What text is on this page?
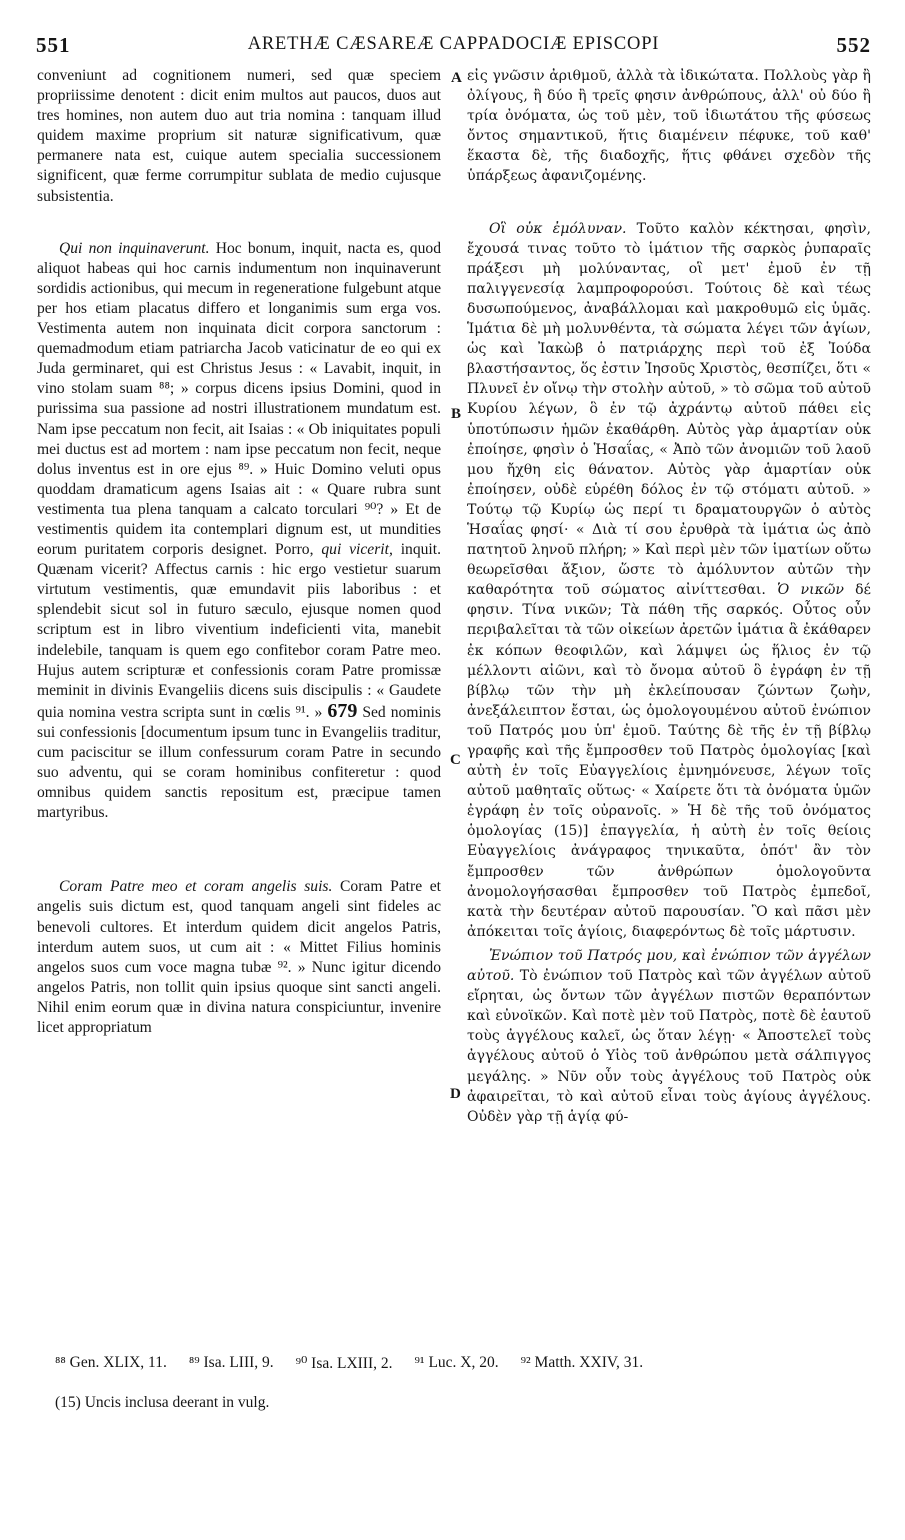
551	ARETHÆ CÆSAREÆ CAPPADOCIÆ EPISCOPI	552
A
B
C
D

conveniunt ad cognitionem numeri, sed quæ speciem propriissime denotent : dicit enim multos aut paucos, duos aut tres homines, non autem duo aut tria nomina : tanquam illud quidem maxime proprium sit naturæ significativum, quæ permanere nata est, cuique autem specialia successionem significent, quæ ferme corrumpitur sublata de medio cujusque subsistentia.

Qui non inquinaverunt. Hoc bonum, inquit, nacta es, quod aliquot habeas qui hoc carnis indumentum non inquinaverunt sordidis actionibus, qui mecum in regeneratione fulgebunt atque per hos etiam placatus differo et longanimis sum erga vos. Vestimenta autem non inquinata dicit corpora sanctorum : quemadmodum etiam patriarcha Jacob vaticinatur de eo qui ex Juda germinaret, qui est Christus Jesus : « Lavabit, inquit, in vino stolam suam ⁸⁸; » corpus dicens ipsius Domini, quod in purissima sua passione ad nostri illustrationem mundatum est. Nam ipse peccatum non fecit, ait Isaias : « Ob iniquitates populi mei ductus est ad mortem : nam ipse peccatum non fecit, neque dolus inventus est in ore ejus ⁸⁹. » Huic Domino veluti opus quoddam dramaticum agens Isaias ait : « Quare rubra sunt vestimenta tua plena tanquam a calcato torculari ⁹⁰? » Et de vestimentis quidem ita contemplari dignum est, ut mundities eorum puritatem corporis designet. Porro, qui vicerit, inquit. Quænam vicerit? Affectus carnis : hic ergo vestietur suarum virtutum vestimentis, quæ emundavit piis laboribus : et splendebit sicut sol in futuro sæculo, ejusque nomen quod scriptum est in libro viventium indeficienti vita, manebit indelebile, tanquam is quem ego confitebor coram Patre meo. Hujus autem scripturæ et confessionis coram Patre promissæ meminit in divinis Evangeliis dicens suis discipulis : « Gaudete quia nomina vestra scripta sunt in cœlis ⁹¹. » 679 Sed nominis sui confessionis [documentum ipsum tunc in Evangeliis traditur, cum paciscitur se illum confessurum coram Patre in secundo suo adventu, qui se coram hominibus confiteretur : quod omnibus quidem sanctis repositum est, præcipue tamen martyribus.

Coram Patre meo et coram angelis suis. Coram Patre et angelis suis dictum est, quod tanquam angeli sint fideles ac benevoli cultores. Et interdum quidem dicit angelos Patris, interdum autem suos, ut cum ait : « Mittet Filius hominis angelos suos cum voce magna tubæ ⁹². » Nunc igitur dicendo angelos Patris, non tollit quin ipsius quoque sint sancti angeli. Nihil enim eorum quæ in divina natura conspiciuntur, invenire licet appropriatum

εἰς γνῶσιν ἀριθμοῦ, ἀλλὰ τὰ ἰδικώτατα. Πολλοὺς γὰρ ἢ ὀλίγους, ἢ δύο ἢ τρεῖς φησιν ἀνθρώπους, ἀλλ' οὐ δύο ἢ τρία ὀνόματα, ὡς τοῦ μὲν, τοῦ ἰδιωτάτου τῆς φύσεως ὄντος σημαντικοῦ, ἥτις διαμένειν πέφυκε, τοῦ καθ' ἕκαστα δὲ, τῆς διαδοχῆς, ἥτις φθάνει σχεδὸν τῆς ὑπάρξεως ἀφανιζομένης.

Οἳ οὐκ ἐμόλυναν. Τοῦτο καλὸν κέκτησαι, φησὶν, ἔχουσά τινας τοῦτο τὸ ἱμάτιον τῆς σαρκὸς ῥυπαραῖς πράξεσι μὴ μολύναντας, οἳ μετ' ἐμοῦ ἐν τῇ παλιγγενεσίᾳ λαμπροφορούσι. Τούτοις δὲ καὶ τέως δυσωπούμενος, ἀναβάλλομαι καὶ μακροθυμῶ εἰς ὑμᾶς. Ἱμάτια δὲ μὴ μολυνθέντα, τὰ σώματα λέγει τῶν ἁγίων, ὡς καὶ Ἰακὼβ ὁ πατριάρχης περὶ τοῦ ἐξ Ἰούδα βλαστήσαντος, ὅς ἐστιν Ἰησοῦς Χριστὸς, θεσπίζει, ὅτι « Πλυνεῖ ἐν οἴνῳ τὴν στολὴν αὐτοῦ, » τὸ σῶμα τοῦ αὐτοῦ Κυρίου λέγων, ὃ ἐν τῷ ἀχράντῳ αὐτοῦ πάθει εἰς ὑποτύπωσιν ἡμῶν ἐκαθάρθη. Αὐτὸς γὰρ ἁμαρτίαν οὐκ ἐποίησε, φησὶν ὁ Ἡσαΐας, « Ἀπὸ τῶν ἀνομιῶν τοῦ λαοῦ μου ἤχθη εἰς θάνατον. Αὐτὸς γὰρ ἁμαρτίαν οὐκ ἐποίησεν, οὐδὲ εὑρέθη δόλος ἐν τῷ στόματι αὐτοῦ. » Τούτῳ τῷ Κυρίῳ ὡς περί τι δραματουργῶν ὁ αὐτὸς Ἡσαΐας φησί· « Διὰ τί σου ἐρυθρὰ τὰ ἱμάτια ὡς ἀπὸ πατητοῦ ληνοῦ πλήρη; » Καὶ περὶ μὲν τῶν ἱματίων οὕτω θεωρεῖσθαι ἄξιον, ὥστε τὸ ἀμόλυντον αὐτῶν τὴν καθαρότητα τοῦ σώματος αἰνίττεσθαι. Ὁ νικῶν δέ φησιν. Τίνα νικῶν; Τὰ πάθη τῆς σαρκός. Οὗτος οὖν περιβαλεῖται τὰ τῶν οἰκείων ἀρετῶν ἱμάτια ἃ ἐκάθαρεν ἐκ κόπων θεοφιλῶν, καὶ λάμψει ὡς ἥλιος ἐν τῷ μέλλοντι αἰῶνι, καὶ τὸ ὄνομα αὐτοῦ ὃ ἐγράφη ἐν τῇ βίβλῳ τῶν τὴν μὴ ἐκλείπουσαν ζώντων ζωὴν, ἀνεξάλειπτον ἔσται, ὡς ὁμολογουμένου αὐτοῦ ἐνώπιον τοῦ Πατρός μου ὑπ' ἐμοῦ. Ταύτης δὲ τῆς ἐν τῇ βίβλῳ γραφῆς καὶ τῆς ἔμπροσθεν τοῦ Πατρὸς ὁμολογίας [καὶ αὐτὴ ἐν τοῖς Εὐαγγελίοις ἐμνημόνευσε, λέγων τοῖς αὐτοῦ μαθηταῖς οὕτως· « Χαίρετε ὅτι τὰ ὀνόματα ὑμῶν ἐγράφη ἐν τοῖς οὐρανοῖς. » Ἡ δὲ τῆς τοῦ ὀνόματος ὁμολογίας (15)] ἐπαγγελία, ἡ αὐτὴ ἐν τοῖς θείοις Εὐαγγελίοις ἀνάγραφος τηνικαῦτα, ὁπότ' ἂν τὸν ἔμπροσθεν τῶν ἀνθρώπων ὁμολογοῦντα ἀνομολογήσασθαι ἔμπροσθεν τοῦ Πατρὸς ἐμπεδοῖ, κατὰ τὴν δευτέραν αὐτοῦ παρουσίαν. Ὃ καὶ πᾶσι μὲν ἀπόκειται τοῖς ἁγίοις, διαφερόντως δὲ τοῖς μάρτυσιν.

Ἐνώπιον τοῦ Πατρός μου, καὶ ἐνώπιον τῶν ἀγγέλων αὐτοῦ. Τὸ ἐνώπιον τοῦ Πατρὸς καὶ τῶν ἀγγέλων αὐτοῦ εἴρηται, ὡς ὄντων τῶν ἀγγέλων πιστῶν θεραπόντων καὶ εὐνοϊκῶν. Καὶ ποτὲ μὲν τοῦ Πατρὸς, ποτὲ δὲ ἑαυτοῦ τοὺς ἀγγέλους καλεῖ, ὡς ὅταν λέγῃ· « Ἀποστελεῖ τοὺς ἀγγέλους αὐτοῦ ὁ Υἱὸς τοῦ ἀνθρώπου μετὰ σάλπιγγος μεγάλης. » Νῦν οὖν τοὺς ἀγγέλους τοῦ Πατρὸς οὐκ ἀφαιρεῖται, τὸ καὶ αὐτοῦ εἶναι τοὺς ἁγίους ἀγγέλους. Οὐδὲν γὰρ τῇ ἁγίᾳ φύ-

⁸⁸ Gen. XLIX, 11. ⁸⁹ Isa. LIII, 9. ⁹⁰ Isa. LXIII, 2. ⁹¹ Luc. X, 20. ⁹² Matth. XXIV, 31.
(15) Uncis inclusa deerant in vulg.
